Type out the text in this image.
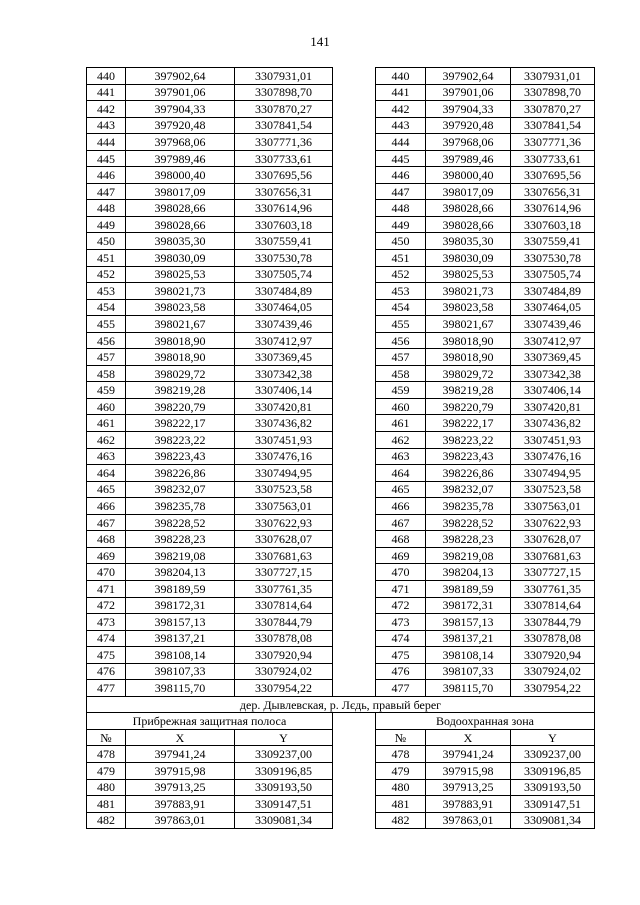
141
440	397902,64	3307931,01		440	397902,64	3307931,01
441	397901,06	3307898,70		441	397901,06	3307898,70
442	397904,33	3307870,27		442	397904,33	3307870,27
443	397920,48	3307841,54		443	397920,48	3307841,54
444	397968,06	3307771,36		444	397968,06	3307771,36
445	397989,46	3307733,61		445	397989,46	3307733,61
446	398000,40	3307695,56		446	398000,40	3307695,56
447	398017,09	3307656,31		447	398017,09	3307656,31
448	398028,66	3307614,96		448	398028,66	3307614,96
449	398028,66	3307603,18		449	398028,66	3307603,18
450	398035,30	3307559,41		450	398035,30	3307559,41
451	398030,09	3307530,78		451	398030,09	3307530,78
452	398025,53	3307505,74		452	398025,53	3307505,74
453	398021,73	3307484,89		453	398021,73	3307484,89
454	398023,58	3307464,05		454	398023,58	3307464,05
455	398021,67	3307439,46		455	398021,67	3307439,46
456	398018,90	3307412,97		456	398018,90	3307412,97
457	398018,90	3307369,45		457	398018,90	3307369,45
458	398029,72	3307342,38		458	398029,72	3307342,38
459	398219,28	3307406,14		459	398219,28	3307406,14
460	398220,79	3307420,81		460	398220,79	3307420,81
461	398222,17	3307436,82		461	398222,17	3307436,82
462	398223,22	3307451,93		462	398223,22	3307451,93
463	398223,43	3307476,16		463	398223,43	3307476,16
464	398226,86	3307494,95		464	398226,86	3307494,95
465	398232,07	3307523,58		465	398232,07	3307523,58
466	398235,78	3307563,01		466	398235,78	3307563,01
467	398228,52	3307622,93		467	398228,52	3307622,93
468	398228,23	3307628,07		468	398228,23	3307628,07
469	398219,08	3307681,63		469	398219,08	3307681,63
470	398204,13	3307727,15		470	398204,13	3307727,15
471	398189,59	3307761,35		471	398189,59	3307761,35
472	398172,31	3307814,64		472	398172,31	3307814,64
473	398157,13	3307844,79		473	398157,13	3307844,79
474	398137,21	3307878,08		474	398137,21	3307878,08
475	398108,14	3307920,94		475	398108,14	3307920,94
476	398107,33	3307924,02		476	398107,33	3307924,02
477	398115,70	3307954,22		477	398115,70	3307954,22
дер. Дывлевская, р. Лєдь, правый берег						
Прибрежная защитная полоса				Водоохранная зона		
№	X	Y		№	X	Y
478	397941,24	3309237,00		478	397941,24	3309237,00
479	397915,98	3309196,85		479	397915,98	3309196,85
480	397913,25	3309193,50		480	397913,25	3309193,50
481	397883,91	3309147,51		481	397883,91	3309147,51
482	397863,01	3309081,34		482	397863,01	3309081,34
